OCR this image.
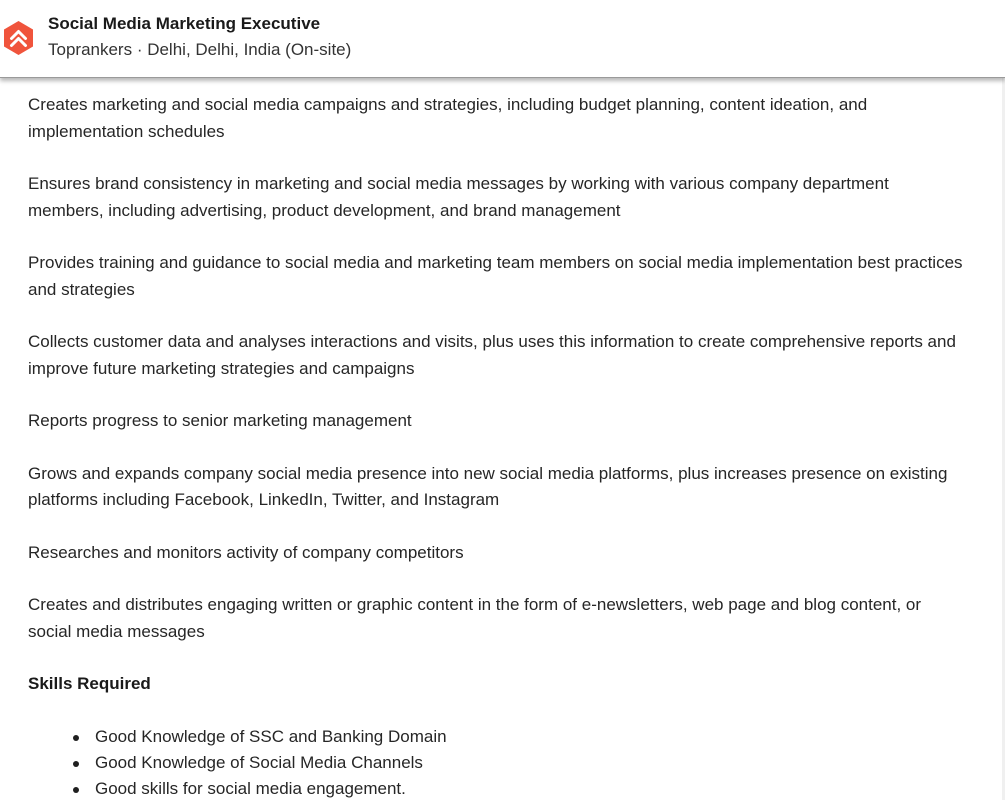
Social Media Marketing Executive
Toprankers · Delhi, Delhi, India (On-site)

Creates marketing and social media campaigns and strategies, including budget planning, content ideation, and implementation schedules

Ensures brand consistency in marketing and social media messages by working with various company department members, including advertising, product development, and brand management

Provides training and guidance to social media and marketing team members on social media implementation best practices and strategies

Collects customer data and analyses interactions and visits, plus uses this information to create comprehensive reports and improve future marketing strategies and campaigns

Reports progress to senior marketing management

Grows and expands company social media presence into new social media platforms, plus increases presence on existing platforms including Facebook, LinkedIn, Twitter, and Instagram

Researches and monitors activity of company competitors

Creates and distributes engaging written or graphic content in the form of e-newsletters, web page and blog content, or social media messages

Skills Required
Good Knowledge of SSC and Banking Domain
Good Knowledge of Social Media Channels
Good skills for social media engagement.
